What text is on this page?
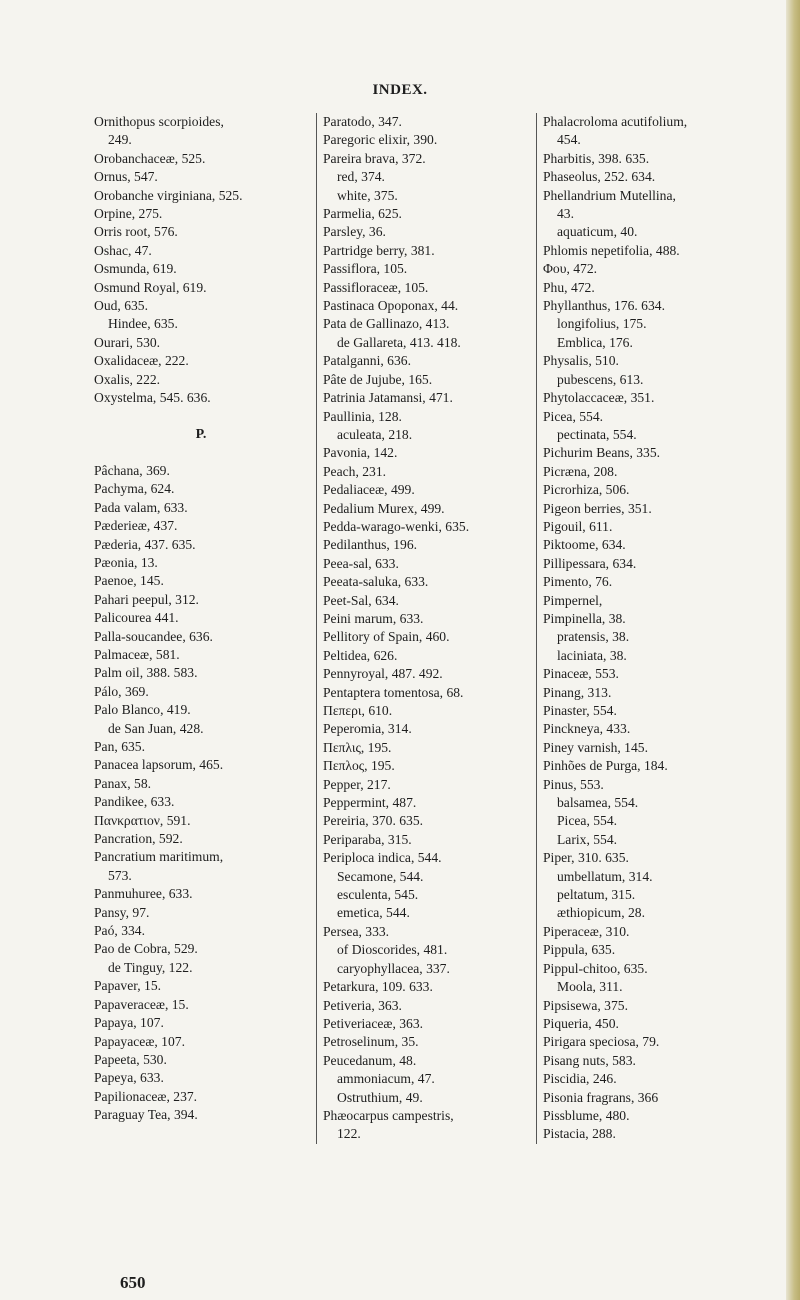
INDEX.
Ornithopus scorpioides,
249.
Orobanchaceæ, 525.
Ornus, 547.
Orobanche virginiana, 525.
Orpine, 275.
Orris root, 576.
Oshac, 47.
Osmunda, 619.
Osmund Royal, 619.
Oud, 635.
Hindee, 635.
Ourari, 530.
Oxalidaceæ, 222.
Oxalis, 222.
Oxystelma, 545. 636.
P.
Pâchana, 369.
Pachyma, 624.
Pada valam, 633.
Pæderieæ, 437.
Pæderia, 437. 635.
Pæonia, 13.
Paenoe, 145.
Pahari peepul, 312.
Palicourea 441.
Palla-soucandee, 636.
Palmaceæ, 581.
Palm oil, 388. 583.
Pálo, 369.
Palo Blanco, 419.
de San Juan, 428.
Pan, 635.
Panacea lapsorum, 465.
Panax, 58.
Pandikee, 633.
Πανκρατιον, 591.
Pancration, 592.
Pancratium maritimum,
573.
Panmuhuree, 633.
Pansy, 97.
Paó, 334.
Pao de Cobra, 529.
de Tinguy, 122.
Papaver, 15.
Papaveraceæ, 15.
Papaya, 107.
Papayaceæ, 107.
Papeeta, 530.
Papeya, 633.
Papilionaceæ, 237.
Paraguay Tea, 394.
Paratodo, 347.
Paregoric elixir, 390.
Pareira brava, 372.
red, 374.
white, 375.
Parmelia, 625.
Parsley, 36.
Partridge berry, 381.
Passiflora, 105.
Passifloraceæ, 105.
Pastinaca Opoponax, 44.
Pata de Gallinazo, 413.
de Gallareta, 413. 418.
Patalganni, 636.
Pâte de Jujube, 165.
Patrinia Jatamansi, 471.
Paullinia, 128.
aculeata, 218.
Pavonia, 142.
Peach, 231.
Pedaliaceæ, 499.
Pedalium Murex, 499.
Pedda-warago-wenki, 635.
Pedilanthus, 196.
Peea-sal, 633.
Peeata-saluka, 633.
Peet-Sal, 634.
Peini marum, 633.
Pellitory of Spain, 460.
Peltidea, 626.
Pennyroyal, 487. 492.
Pentaptera tomentosa, 68.
Πεπερι, 610.
Peperomia, 314.
Πεπλις, 195.
Πεπλος, 195.
Pepper, 217.
Peppermint, 487.
Pereiria, 370. 635.
Periparaba, 315.
Periploca indica, 544.
Secamone, 544.
esculenta, 545.
emetica, 544.
Persea, 333.
of Dioscorides, 481.
caryophyllacea, 337.
Petarkura, 109. 633.
Petiveria, 363.
Petiveriaceæ, 363.
Petroselinum, 35.
Peucedanum, 48.
ammoniacum, 47.
Ostruthium, 49.
Phæocarpus campestris,
122.
Phalacroloma acutifolium,
454.
Pharbitis, 398. 635.
Phaseolus, 252. 634.
Phellandrium Mutellina,
43.
aquaticum, 40.
Phlomis nepetifolia, 488.
Φου, 472.
Phu, 472.
Phyllanthus, 176. 634.
longifolius, 175.
Emblica, 176.
Physalis, 510.
pubescens, 613.
Phytolaccaceæ, 351.
Picea, 554.
pectinata, 554.
Pichurim Beans, 335.
Picræna, 208.
Picrorhiza, 506.
Pigeon berries, 351.
Pigouil, 611.
Piktoome, 634.
Pillipessara, 634.
Pimento, 76.
Pimpernel,
Pimpinella, 38.
pratensis, 38.
laciniata, 38.
Pinaceæ, 553.
Pinang, 313.
Pinaster, 554.
Pinckneya, 433.
Piney varnish, 145.
Pinhões de Purga, 184.
Pinus, 553.
balsamea, 554.
Picea, 554.
Larix, 554.
Piper, 310. 635.
umbellatum, 314.
peltatum, 315.
æthiopicum, 28.
Piperaceæ, 310.
Pippula, 635.
Pippul-chitoo, 635.
Moola, 311.
Pipsisewa, 375.
Piqueria, 450.
Pirigara speciosa, 79.
Pisang nuts, 583.
Piscidia, 246.
Pisonia fragrans, 366
Pissblume, 480.
Pistacia, 288.
650
